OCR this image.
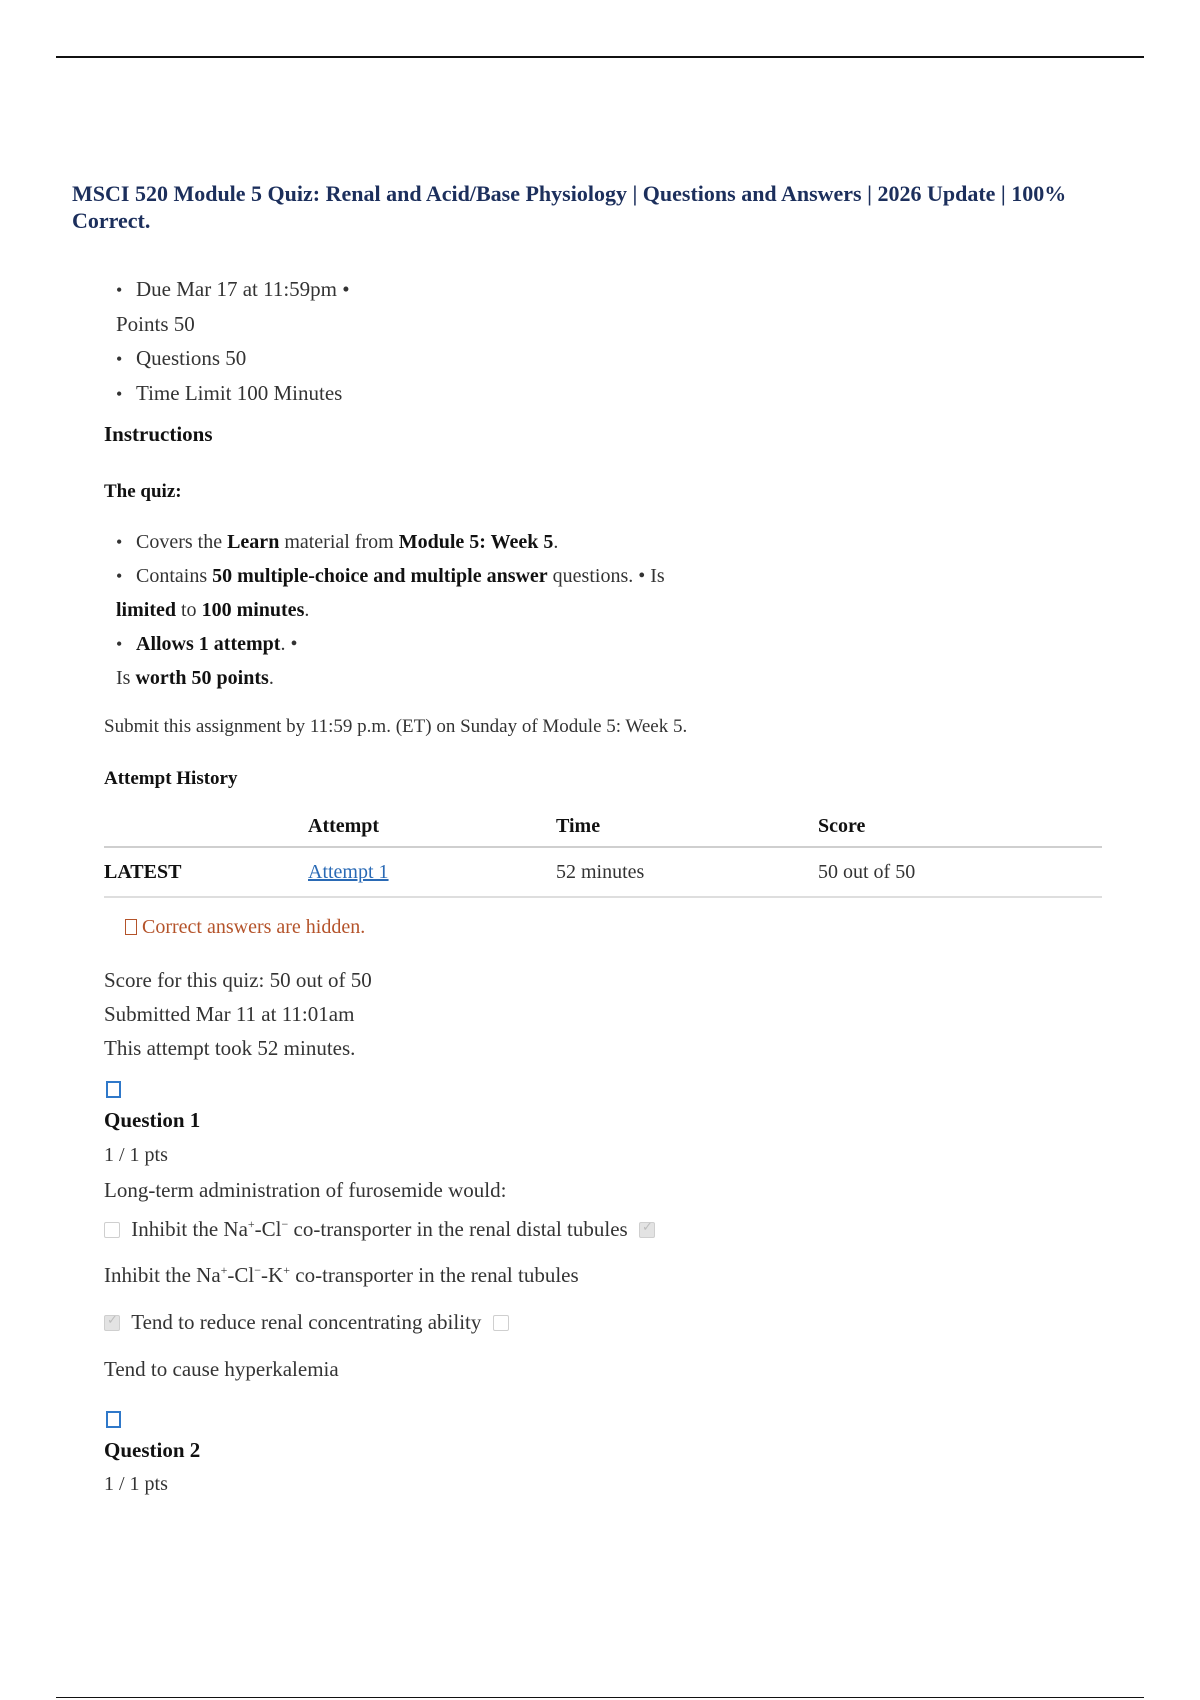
MSCI 520 Module 5 Quiz: Renal and Acid/Base Physiology | Questions and Answers | 2026 Update | 100% Correct.
• Due Mar 17 at 11:59pm •
Points 50
• Questions 50
• Time Limit 100 Minutes
Instructions
The quiz:
• Covers the Learn material from Module 5: Week 5.
• Contains 50 multiple-choice and multiple answer questions. • Is
limited to 100 minutes.
• Allows 1 attempt. •
Is worth 50 points.
Submit this assignment by 11:59 p.m. (ET) on Sunday of Module 5: Week 5.
Attempt History
	Attempt	Time	Score
LATEST	Attempt 1	52 minutes	50 out of 50
Correct answers are hidden.
Score for this quiz: 50 out of 50
Submitted Mar 11 at 11:01am
This attempt took 52 minutes.
Question 1
1 / 1 pts
Long-term administration of furosemide would:
Inhibit the Na+-Cl− co-transporter in the renal distal tubules ✓
Inhibit the Na+-Cl−-K+ co-transporter in the renal tubules
✓ Tend to reduce renal concentrating ability
Tend to cause hyperkalemia
Question 2
1 / 1 pts
